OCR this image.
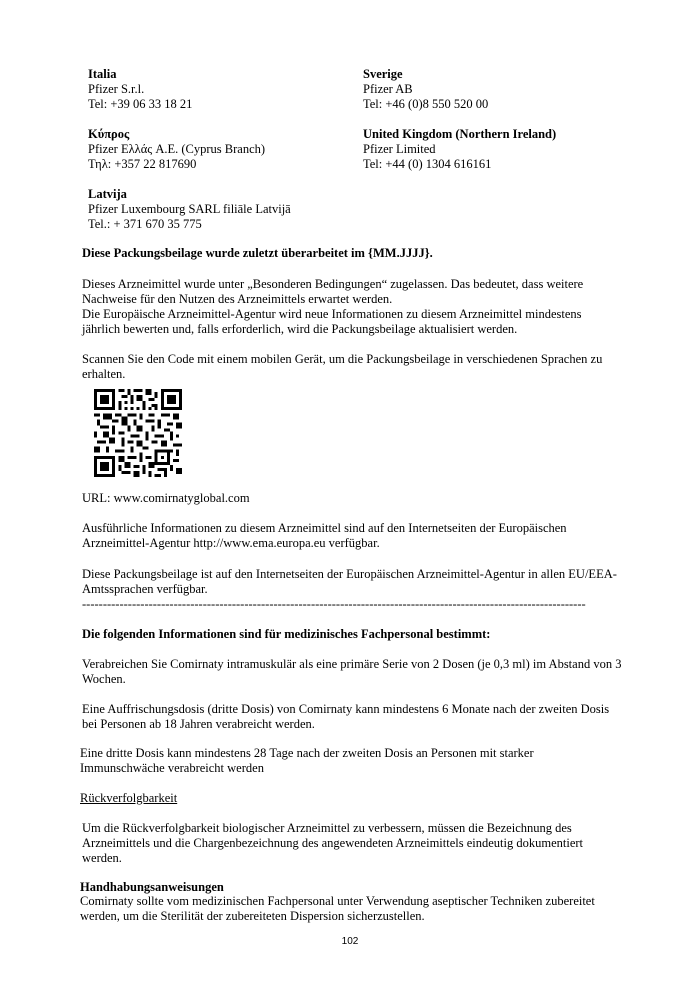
Italia
Pfizer S.r.l.
Tel: +39 06 33 18 21
Κύπρος
Pfizer Ελλάς A.E. (Cyprus Branch)
Τηλ: +357 22 817690
Latvija
Pfizer Luxembourg SARL filiāle Latvijā
Tel.: + 371 670 35 775
Sverige
Pfizer AB
Tel: +46 (0)8 550 520 00
United Kingdom (Northern Ireland)
Pfizer Limited
Tel: +44 (0) 1304 616161

Diese Packungsbeilage wurde zuletzt überarbeitet im {MM.JJJJ}.

Dieses Arzneimittel wurde unter „Besonderen Bedingungen“ zugelassen. Das bedeutet, dass weitere Nachweise für den Nutzen des Arzneimittels erwartet werden.

Die Europäische Arzneimittel-Agentur wird neue Informationen zu diesem Arzneimittel mindestens jährlich bewerten und, falls erforderlich, wird die Packungsbeilage aktualisiert werden.

Scannen Sie den Code mit einem mobilen Gerät, um die Packungsbeilage in verschiedenen Sprachen zu erhalten.

URL: www.comirnatyglobal.com

Ausführliche Informationen zu diesem Arzneimittel sind auf den Internetseiten der Europäischen Arzneimittel-Agentur http://www.ema.europa.eu verfügbar.

Diese Packungsbeilage ist auf den Internetseiten der Europäischen Arzneimittel-Agentur in allen EU/EEA-Amtssprachen verfügbar.

-------------------------------------------------------------------------------------------------------------------------

Die folgenden Informationen sind für medizinisches Fachpersonal bestimmt:

Verabreichen Sie Comirnaty intramuskulär als eine primäre Serie von 2 Dosen (je 0,3 ml) im Abstand von 3 Wochen.

Eine Auffrischungsdosis (dritte Dosis) von Comirnaty kann mindestens 6 Monate nach der zweiten Dosis bei Personen ab 18 Jahren verabreicht werden.

Eine dritte Dosis kann mindestens 28 Tage nach der zweiten Dosis an Personen mit starker Immunschwäche verabreicht werden

Rückverfolgbarkeit

Um die Rückverfolgbarkeit biologischer Arzneimittel zu verbessern, müssen die Bezeichnung des Arzneimittels und die Chargenbezeichnung des angewendeten Arzneimittels eindeutig dokumentiert werden.

Handhabungsanweisungen

Comirnaty sollte vom medizinischen Fachpersonal unter Verwendung aseptischer Techniken zubereitet werden, um die Sterilität der zubereiteten Dispersion sicherzustellen.

102
